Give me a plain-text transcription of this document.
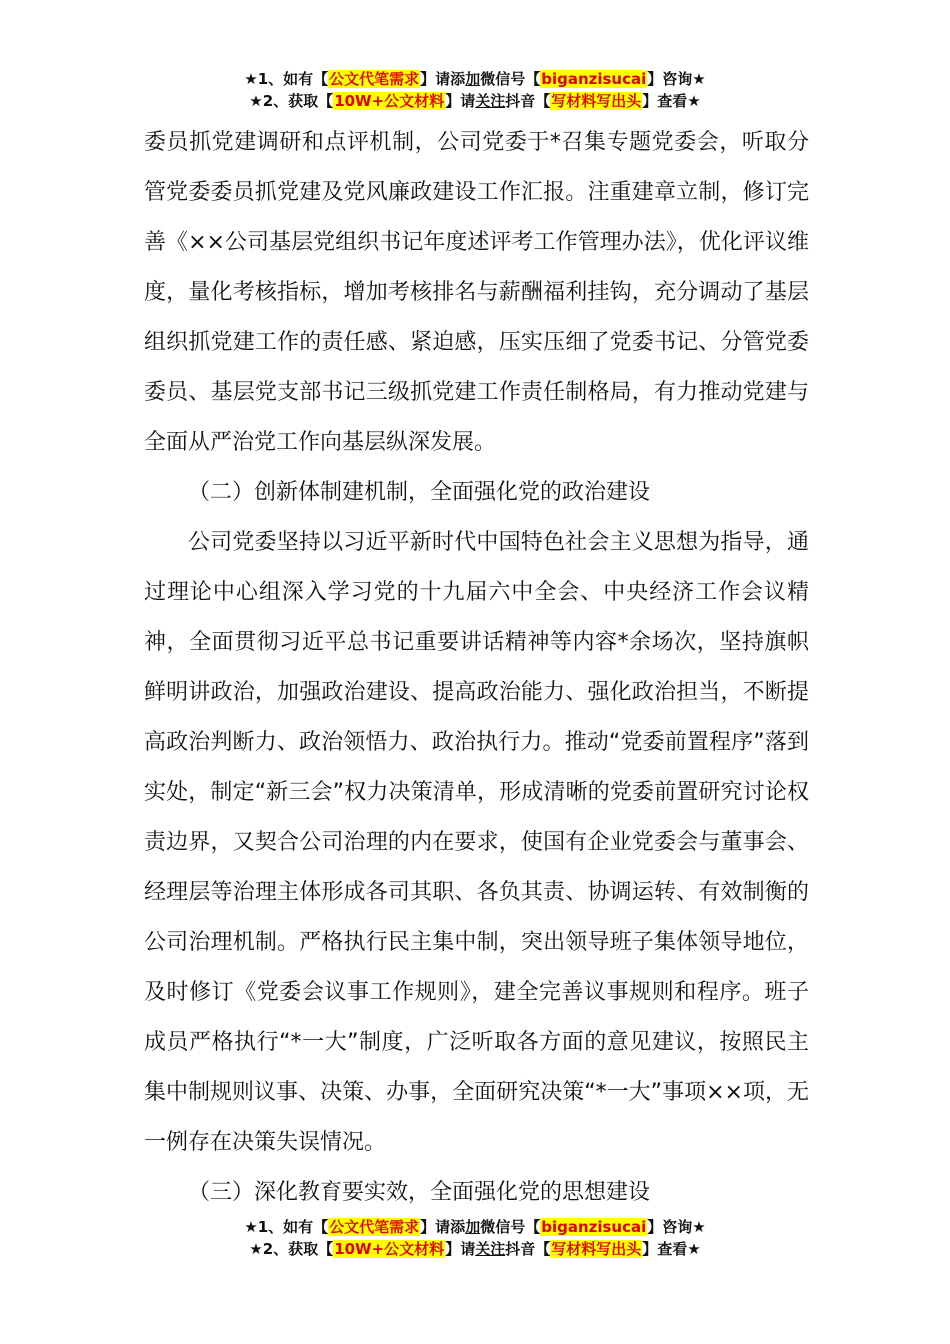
★1、如有【公文代笔需求】请添加微信号【biganzisucai】咨询★
★2、获取【10W+公文材料】请关注抖音【写材料写出头】查看★

委员抓党建调研和点评机制，公司党委于*召集专题党委会，听取分管党委委员抓党建及党风廉政建设工作汇报。注重建章立制，修订完善《××公司基层党组织书记年度述评考工作管理办法》，优化评议维度，量化考核指标，增加考核排名与薪酬福利挂钩，充分调动了基层组织抓党建工作的责任感、紧迫感，压实压细了党委书记、分管党委委员、基层党支部书记三级抓党建工作责任制格局，有力推动党建与全面从严治党工作向基层纵深发展。

（二）创新体制建机制，全面强化党的政治建设

公司党委坚持以习近平新时代中国特色社会主义思想为指导，通过理论中心组深入学习党的十九届六中全会、中央经济工作会议精神，全面贯彻习近平总书记重要讲话精神等内容*余场次，坚持旗帜鲜明讲政治，加强政治建设、提高政治能力、强化政治担当，不断提高政治判断力、政治领悟力、政治执行力。推动“党委前置程序”落到实处，制定“新三会”权力决策清单，形成清晰的党委前置研究讨论权责边界，又契合公司治理的内在要求，使国有企业党委会与董事会、经理层等治理主体形成各司其职、各负其责、协调运转、有效制衡的公司治理机制。严格执行民主集中制，突出领导班子集体领导地位，及时修订《党委会议事工作规则》，建全完善议事规则和程序。班子成员严格执行“*一大”制度，广泛听取各方面的意见建议，按照民主集中制规则议事、决策、办事，全面研究决策“*一大”事项××项，无一例存在决策失误情况。

（三）深化教育要实效，全面强化党的思想建设

★1、如有【公文代笔需求】请添加微信号【biganzisucai】咨询★
★2、获取【10W+公文材料】请关注抖音【写材料写出头】查看★
